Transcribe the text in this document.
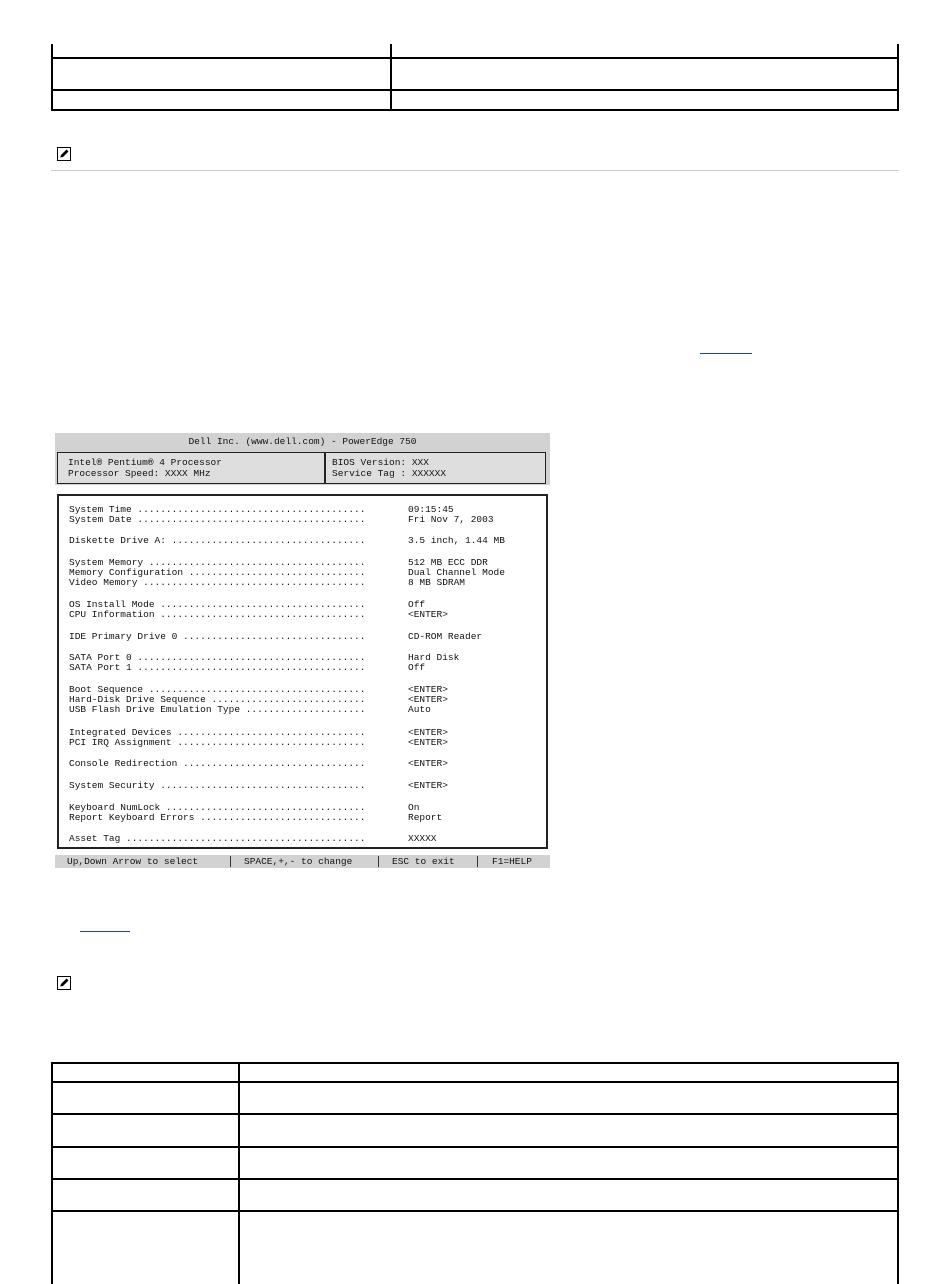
Dell Inc. (www.dell.com) - PowerEdge 750
Intel® Pentium® 4 Processor
Processor Speed: XXXX MHz
BIOS Version: XXX
Service Tag : XXXXXX
System Time ........................................	09:15:45
System Date ........................................	Fri Nov 7, 2003
Diskette Drive A: ..................................	3.5 inch, 1.44 MB
System Memory ......................................	512 MB ECC DDR
Memory Configuration ...............................	Dual Channel Mode
Video Memory .......................................	8 MB SDRAM
OS Install Mode ....................................	Off
CPU Information ....................................	<ENTER>
IDE Primary Drive 0 ................................	CD-ROM Reader
SATA Port 0 ........................................	Hard Disk
SATA Port 1 ........................................	Off
Boot Sequence ......................................	<ENTER>
Hard-Disk Drive Sequence ...........................	<ENTER>
USB Flash Drive Emulation Type .....................	Auto
Integrated Devices .................................	<ENTER>
PCI IRQ Assignment .................................	<ENTER>
Console Redirection ................................	<ENTER>
System Security ....................................	<ENTER>
Keyboard NumLock ...................................	On
Report Keyboard Errors .............................	Report
Asset Tag ..........................................	XXXXX

Up,Down Arrow to select

	SPACE,+,- to change

	ESC to exit

	F1=HELP
